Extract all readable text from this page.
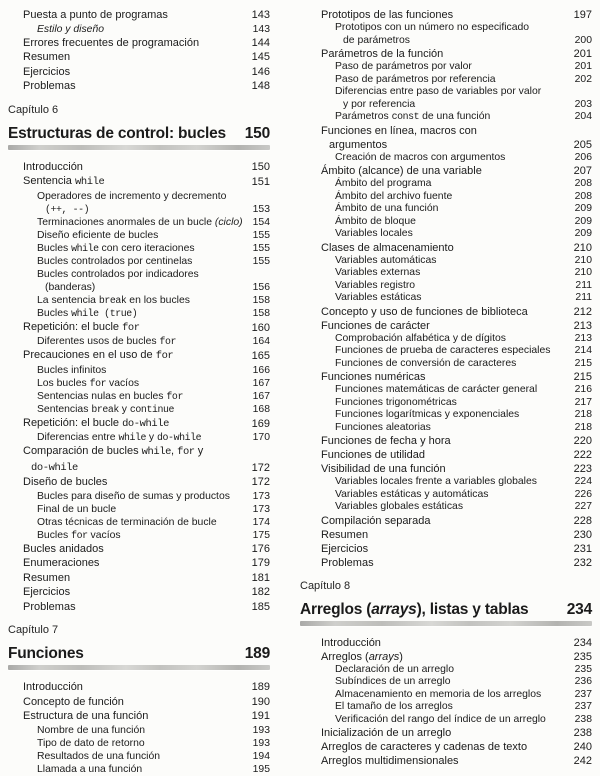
Puesta a punto de programas	143
Estilo y diseño	143
Errores frecuentes de programación	144
Resumen	145
Ejercicios	146
Problemas	148
Capítulo 6
Estructuras de control: bucles	150
Introducción	150
Sentencia while	151
Operadores de incremento y decremento
(++, --)	153
Terminaciones anormales de un bucle (ciclo) 154
Diseño eficiente de bucles	155
Bucles while con cero iteraciones	155
Bucles controlados por centinelas	155
Bucles controlados por indicadores
(banderas)	156
La sentencia break en los bucles	158
Bucles while (true)	158
Repetición: el bucle for	160
Diferentes usos de bucles for	164
Precauciones en el uso de for	165
Bucles infinitos	166
Los bucles for vacíos	167
Sentencias nulas en bucles for	167
Sentencias break y continue	168
Repetición: el bucle do-while	169
Diferencias entre while y do-while	170
Comparación de bucles while, for y
do-while	172
Diseño de bucles	172
Bucles para diseño de sumas y productos	173
Final de un bucle	173
Otras técnicas de terminación de bucle	174
Bucles for vacíos	175
Bucles anidados	176
Enumeraciones	179
Resumen	181
Ejercicios	182
Problemas	185
Capítulo 7
Funciones	189
Introducción	189
Concepto de función	190
Estructura de una función	191
Nombre de una función	193
Tipo de dato de retorno	193
Resultados de una función	194
Llamada a una función	195
Prototipos de las funciones	197
Prototipos con un número no especificado
de parámetros	200
Parámetros de la función	201
Paso de parámetros por valor	201
Paso de parámetros por referencia	202
Diferencias entre paso de variables por valor
y por referencia	203
Parámetros const de una función	204
Funciones en línea, macros con
argumentos	205
Creación de macros con argumentos	206
Ámbito (alcance) de una variable	207
Ámbito del programa	208
Ámbito del archivo fuente	208
Ámbito de una función	209
Ámbito de bloque	209
Variables locales	209
Clases de almacenamiento	210
Variables automáticas	210
Variables externas	210
Variables registro	211
Variables estáticas	211
Concepto y uso de funciones de biblioteca	212
Funciones de carácter	213
Comprobación alfabética y de dígitos	213
Funciones de prueba de caracteres especiales	214
Funciones de conversión de caracteres	215
Funciones numéricas	215
Funciones matemáticas de carácter general	216
Funciones trigonométricas	217
Funciones logarítmicas y exponenciales	218
Funciones aleatorias	218
Funciones de fecha y hora	220
Funciones de utilidad	222
Visibilidad de una función	223
Variables locales frente a variables globales	224
Variables estáticas y automáticas	226
Variables globales estáticas	227
Compilación separada	228
Resumen	230
Ejercicios	231
Problemas	232
Capítulo 8
Arreglos (arrays), listas y tablas	234
Introducción	234
Arreglos (arrays)	235
Declaración de un arreglo	235
Subíndices de un arreglo	236
Almacenamiento en memoria de los arreglos	237
El tamaño de los arreglos	237
Verificación del rango del índice de un arreglo	238
Inicialización de un arreglo	238
Arreglos de caracteres y cadenas de texto	240
Arreglos multidimensionales	242
